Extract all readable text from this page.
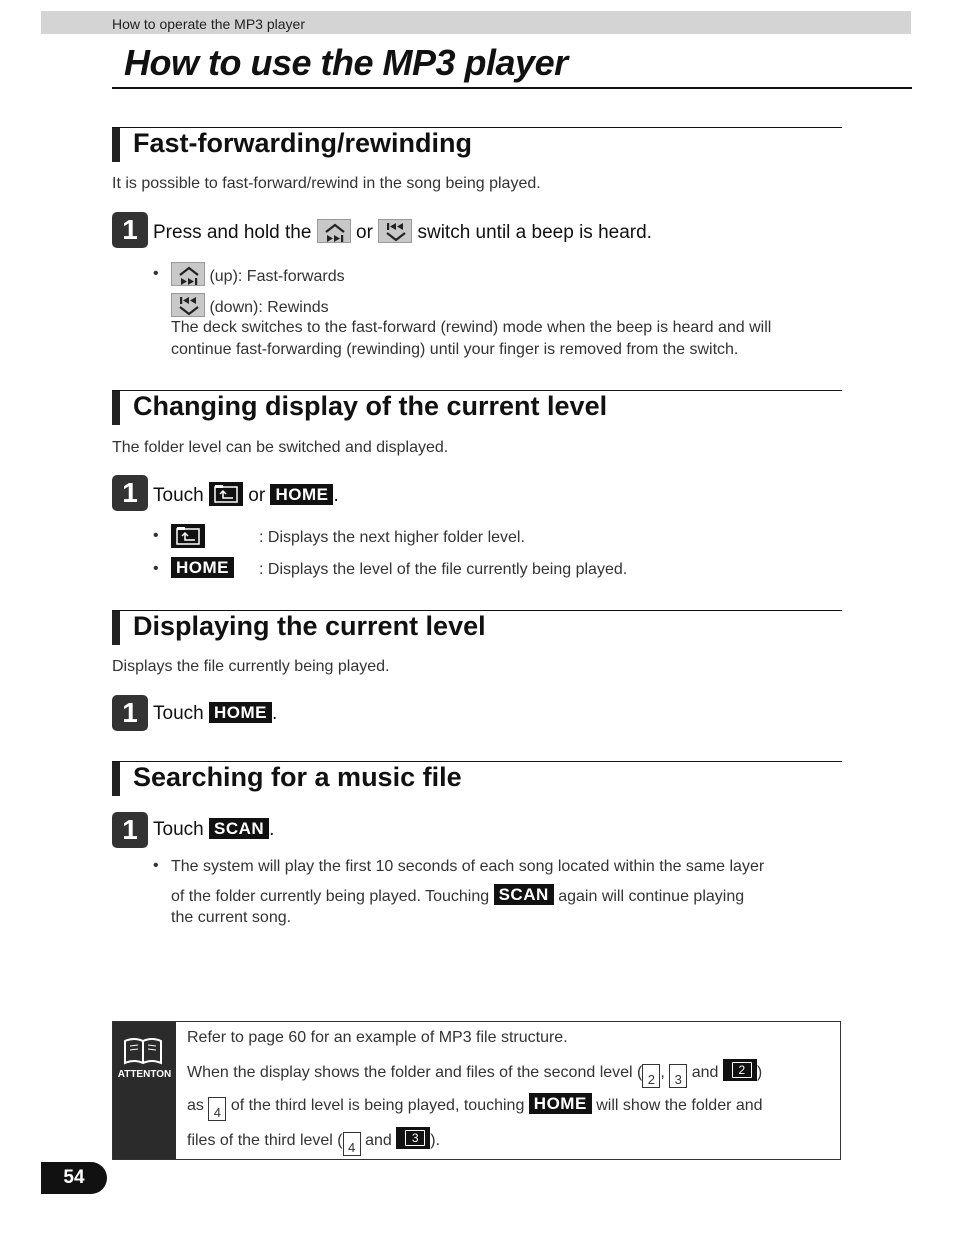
How to operate the MP3 player
How to use the MP3 player
Fast-forwarding/rewinding
It is possible to fast-forward/rewind in the song being played.
1 Press and hold the or switch until a beep is heard.
•	(up): Fast-forwards
(down): Rewinds
The deck switches to the fast-forward (rewind) mode when the beep is heard and will
continue fast-forwarding (rewinding) until your finger is removed from the switch.
Changing display of the current level
The folder level can be switched and displayed.
1 Touch or HOME .
•	: Displays the next higher folder level.
• HOME	: Displays the level of the file currently being played.
Displaying the current level
Displays the file currently being played.
1 Touch HOME .
Searching for a music file
1 Touch SCAN .
• The system will play the first 10 seconds of each song located within the same layer
of the folder currently being played. Touching SCAN again will continue playing
the current song.
ATTENTON
Refer to page 60 for an example of MP3 file structure.
When the display shows the folder and files of the second level ( 2 , 3 and	2 )
as 4 of the third level is being played, touching HOME will show the folder and
files of the third level ( 4 and	3 ).
54
